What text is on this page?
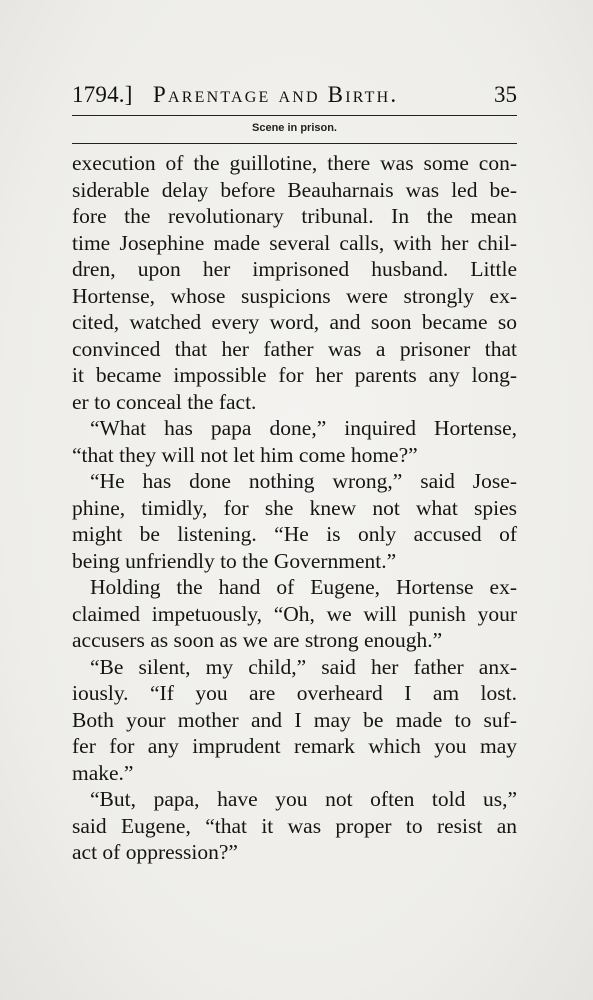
1794.] Parentage and Birth.	35
Scene in prison.
execution of the guillotine, there was some con-
siderable delay before Beauharnais was led be-
fore the revolutionary tribunal. In the mean
time Josephine made several calls, with her chil-
dren, upon her imprisoned husband. Little
Hortense, whose suspicions were strongly ex-
cited, watched every word, and soon became so
convinced that her father was a prisoner that
it became impossible for her parents any long-
er to conceal the fact.
“What has papa done,” inquired Hortense,
“that they will not let him come home?”
“He has done nothing wrong,” said Jose-
phine, timidly, for she knew not what spies
might be listening. “He is only accused of
being unfriendly to the Government.”
Holding the hand of Eugene, Hortense ex-
claimed impetuously, “Oh, we will punish your
accusers as soon as we are strong enough.”
“Be silent, my child,” said her father anx-
iously. “If you are overheard I am lost.
Both your mother and I may be made to suf-
fer for any imprudent remark which you may
make.”
“But, papa, have you not often told us,”
said Eugene, “that it was proper to resist an
act of oppression?”
